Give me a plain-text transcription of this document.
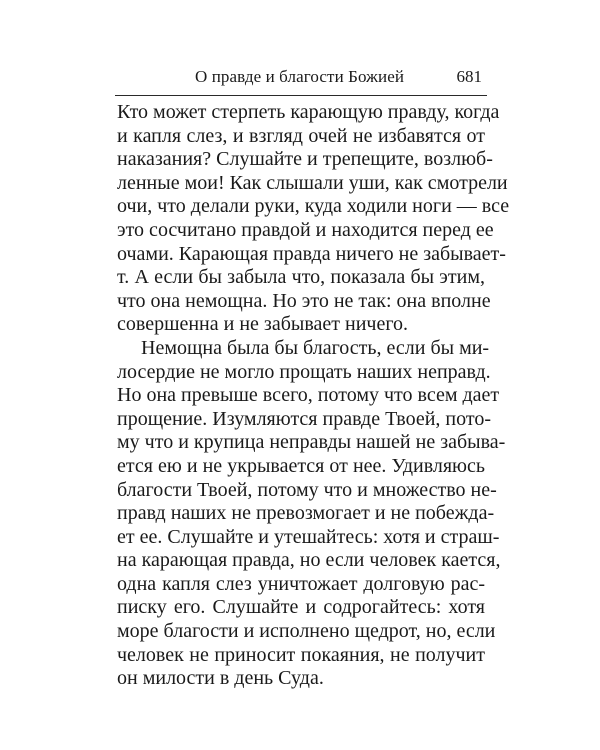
О правде и благости Божией	681
Кто может стерпеть карающую правду, когда
и капля слез, и взгляд очей не избавятся от
наказания? Слушайте и трепещите, возлюб-
ленные мои! Как слышали уши, как смотрели
очи, что делали руки, куда ходили ноги — все
это сосчитано правдой и находится перед ее
очами. Карающая правда ничего не забывает-
т. А если бы забыла что, показала бы этим,
что она немощна. Но это не так: она вполне
совершенна и не забывает ничего.
Немощна была бы благость, если бы ми-
лосердие не могло прощать наших неправд.
Но она превыше всего, потому что всем дает
прощение. Изумляются правде Твоей, пото-
му что и крупица неправды нашей не забыва-
ется ею и не укрывается от нее. Удивляюсь
благости Твоей, потому что и множество не-
правд наших не превозмогает и не побежда-
ет ее. Слушайте и утешайтесь: хотя и страш-
на карающая правда, но если человек кается,
одна капля слез уничтожает долговую рас-
писку его. Слушайте и содрогайтесь: хотя
море благости и исполнено щедрот, но, если
человек не приносит покаяния, не получит
он милости в день Суда.
